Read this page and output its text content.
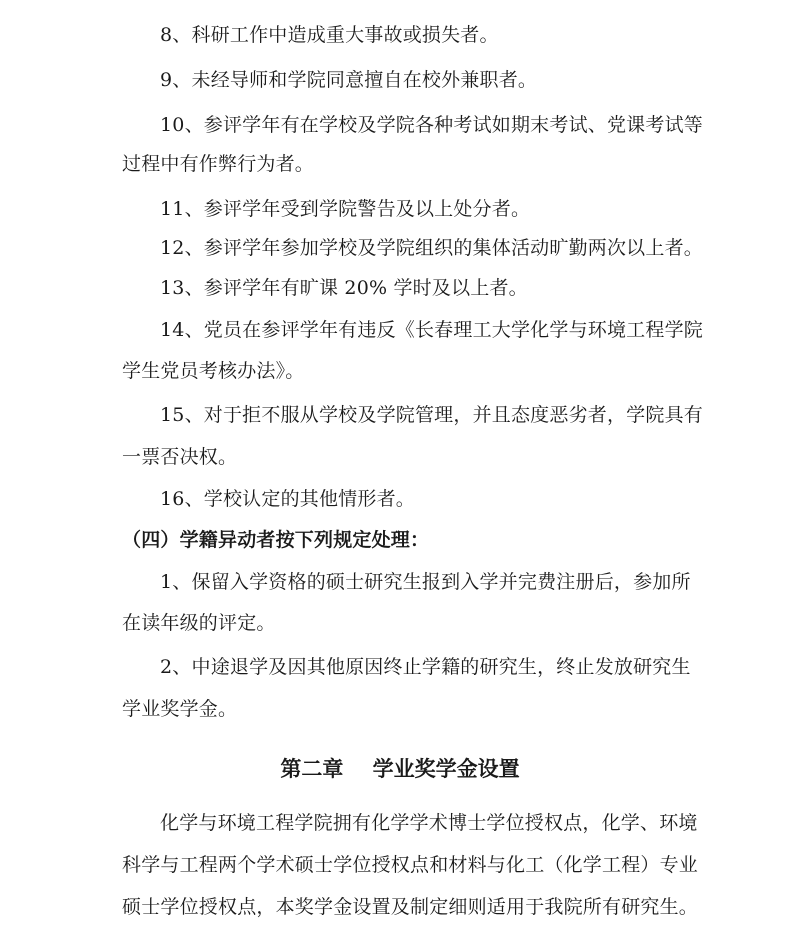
8、科研工作中造成重大事故或损失者。
9、未经导师和学院同意擅自在校外兼职者。
10、参评学年有在学校及学院各种考试如期末考试、党课考试等
过程中有作弊行为者。
11、参评学年受到学院警告及以上处分者。
12、参评学年参加学校及学院组织的集体活动旷勤两次以上者。
13、参评学年有旷课 20% 学时及以上者。
14、党员在参评学年有违反《长春理工大学化学与环境工程学院
学生党员考核办法》。
15、对于拒不服从学校及学院管理，并且态度恶劣者，学院具有
一票否决权。
16、学校认定的其他情形者。
（四）学籍异动者按下列规定处理：
1、保留入学资格的硕士研究生报到入学并完费注册后，参加所
在读年级的评定。
2、中途退学及因其他原因终止学籍的研究生，终止发放研究生
学业奖学金。
第二章    学业奖学金设置
化学与环境工程学院拥有化学学术博士学位授权点，化学、环境
科学与工程两个学术硕士学位授权点和材料与化工（化学工程）专业
硕士学位授权点，本奖学金设置及制定细则适用于我院所有研究生。
